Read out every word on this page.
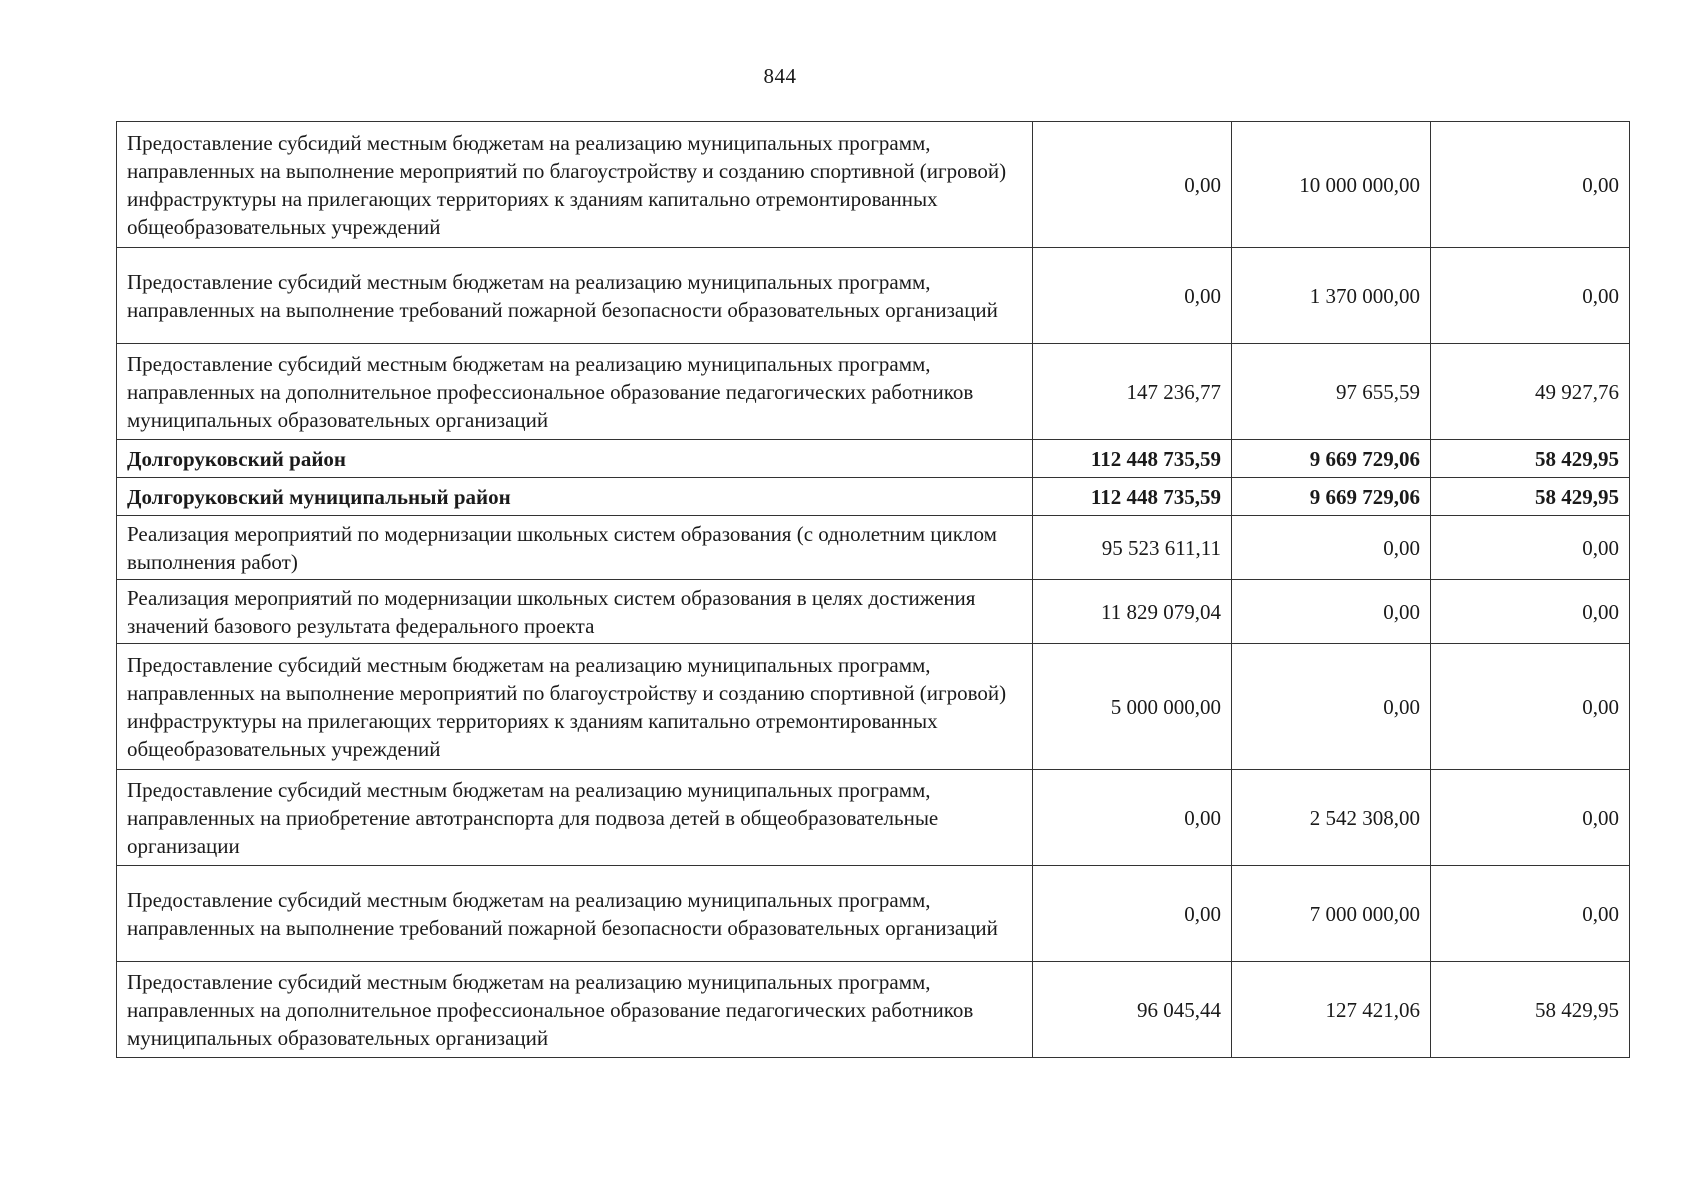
844
Предоставление субсидий местным бюджетам на реализацию муниципальных программ, направленных на выполнение мероприятий по благоустройству и созданию спортивной (игровой) инфраструктуры на прилегающих территориях к зданиям капитально отремонтированных общеобразовательных учреждений	0,00	10 000 000,00	0,00
Предоставление субсидий местным бюджетам на реализацию муниципальных программ, направленных на выполнение требований пожарной безопасности образовательных организаций	0,00	1 370 000,00	0,00
Предоставление субсидий местным бюджетам на реализацию муниципальных программ, направленных на дополнительное профессиональное образование педагогических работников муниципальных образовательных организаций	147 236,77	97 655,59	49 927,76
Долгоруковский район	112 448 735,59	9 669 729,06	58 429,95
Долгоруковский муниципальный район	112 448 735,59	9 669 729,06	58 429,95
Реализация мероприятий по модернизации школьных систем образования (с однолетним циклом выполнения работ)	95 523 611,11	0,00	0,00
Реализация мероприятий по модернизации школьных систем образования в целях достижения значений базового результата федерального проекта	11 829 079,04	0,00	0,00
Предоставление субсидий местным бюджетам на реализацию муниципальных программ, направленных на выполнение мероприятий по благоустройству и созданию спортивной (игровой) инфраструктуры на прилегающих территориях к зданиям капитально отремонтированных общеобразовательных учреждений	5 000 000,00	0,00	0,00
Предоставление субсидий местным бюджетам на реализацию муниципальных программ, направленных на приобретение автотранспорта для подвоза детей в общеобразовательные организации	0,00	2 542 308,00	0,00
Предоставление субсидий местным бюджетам на реализацию муниципальных программ, направленных на выполнение требований пожарной безопасности образовательных организаций	0,00	7 000 000,00	0,00
Предоставление субсидий местным бюджетам на реализацию муниципальных программ, направленных на дополнительное профессиональное образование педагогических работников муниципальных образовательных организаций	96 045,44	127 421,06	58 429,95
